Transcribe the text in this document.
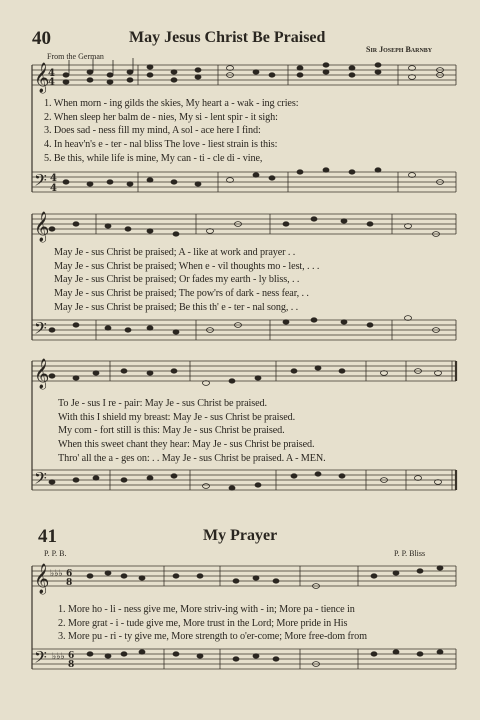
40	May Jesus Christ Be Praised
From the German
Sir Joseph Barnby
𝄞
4
4
𝄢 4
4
𝄞
𝄢
𝄞
𝄢
𝄞 ♭♭♭ 6
8
𝄢 ♭♭♭ 6
8
1. When morn - ing gilds the skies, My heart a - wak - ing cries:
2. When sleep her balm de - nies, My si - lent spir - it sigh:
3. Does sad - ness fill my mind, A sol - ace here I find:
4. In heav'n's e - ter - nal bliss The love - liest strain is this:
5. Be this, while life is mine, My can - ti - cle di - vine,
May Je - sus Christ be praised; A - like at work and prayer . .
May Je - sus Christ be praised; When e - vil thoughts mo - lest, . . .
May Je - sus Christ be praised; Or fades my earth - ly bliss, . .
May Je - sus Christ be praised; The pow'rs of dark - ness fear, . .
May Je - sus Christ be praised; Be this th' e - ter - nal song, . .
To Je - sus I re - pair: May Je - sus Christ be praised.
With this I shield my breast: May Je - sus Christ be praised.
My com - fort still is this: May Je - sus Christ be praised.
When this sweet chant they hear: May Je - sus Christ be praised.
Thro' all the a - ges on: . . May Je - sus Christ be praised. A - MEN.
41	My Prayer
P. P. B.	P. P. Bliss
1. More ho - li - ness give me, More striv-ing with - in; More pa - tience in
2. More grat - i - tude give me, More trust in the Lord; More pride in His
3. More pu - ri - ty give me, More strength to o'er-come; More free-dom from
